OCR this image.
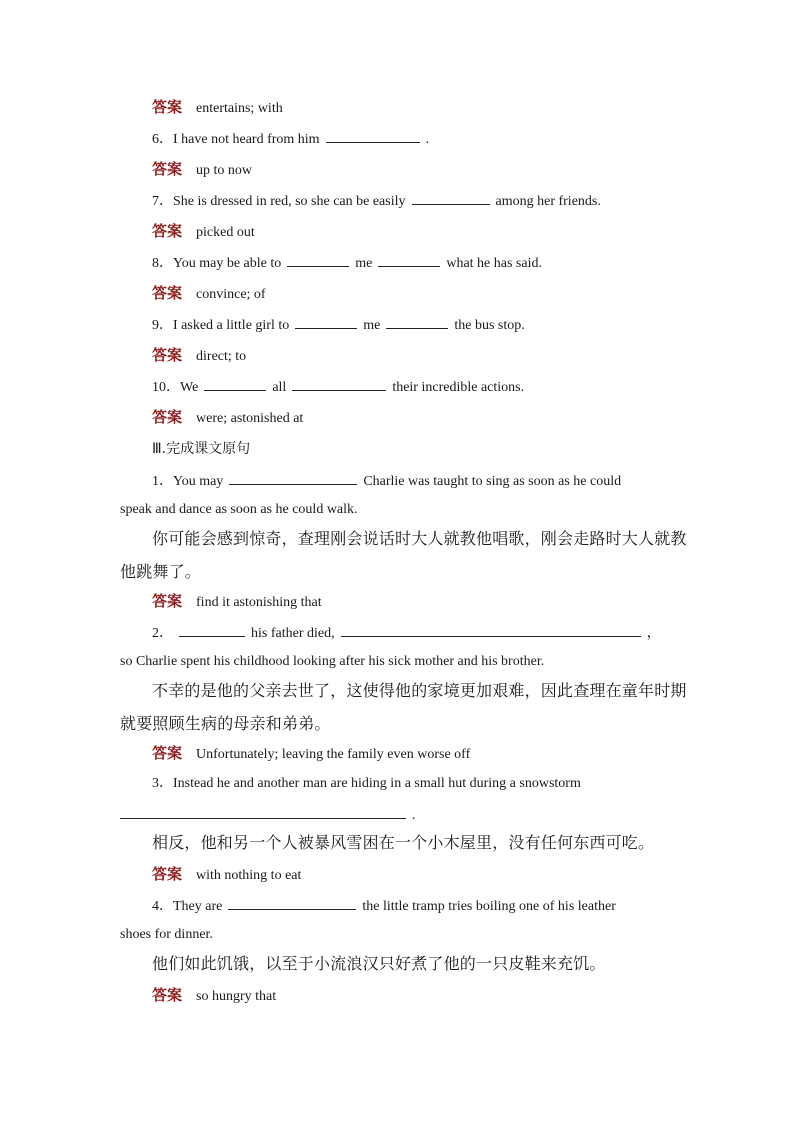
答案 entertains; with
6．I have not heard from him	.
答案 up to now
7．She is dressed in red, so she can be easily	among her friends.
答案 picked out
8．You may be able to	me	what he has said.
答案 convince; of
9．I asked a little girl to	me	the bus stop.
答案 direct; to
10．We	all	their incredible actions.
答案 were; astonished at
Ⅲ.完成课文原句
1．You may	Charlie was taught to sing as soon as he could
speak and dance as soon as he could walk.
你可能会感到惊奇，查理刚会说话时大人就教他唱歌，刚会走路时大人就教
他跳舞了。
答案 find it astonishing that
2．	his father died,	，
so Charlie spent his childhood looking after his sick mother and his brother.
不幸的是他的父亲去世了，这使得他的家境更加艰难，因此查理在童年时期
就要照顾生病的母亲和弟弟。
答案 Unfortunately; leaving the family even worse off
3．Instead he and another man are hiding in a small hut during a snowstorm
.
相反，他和另一个人被暴风雪困在一个小木屋里，没有任何东西可吃。
答案 with nothing to eat
4．They are	the little tramp tries boiling one of his leather
shoes for dinner.
他们如此饥饿，以至于小流浪汉只好煮了他的一只皮鞋来充饥。
答案 so hungry that
